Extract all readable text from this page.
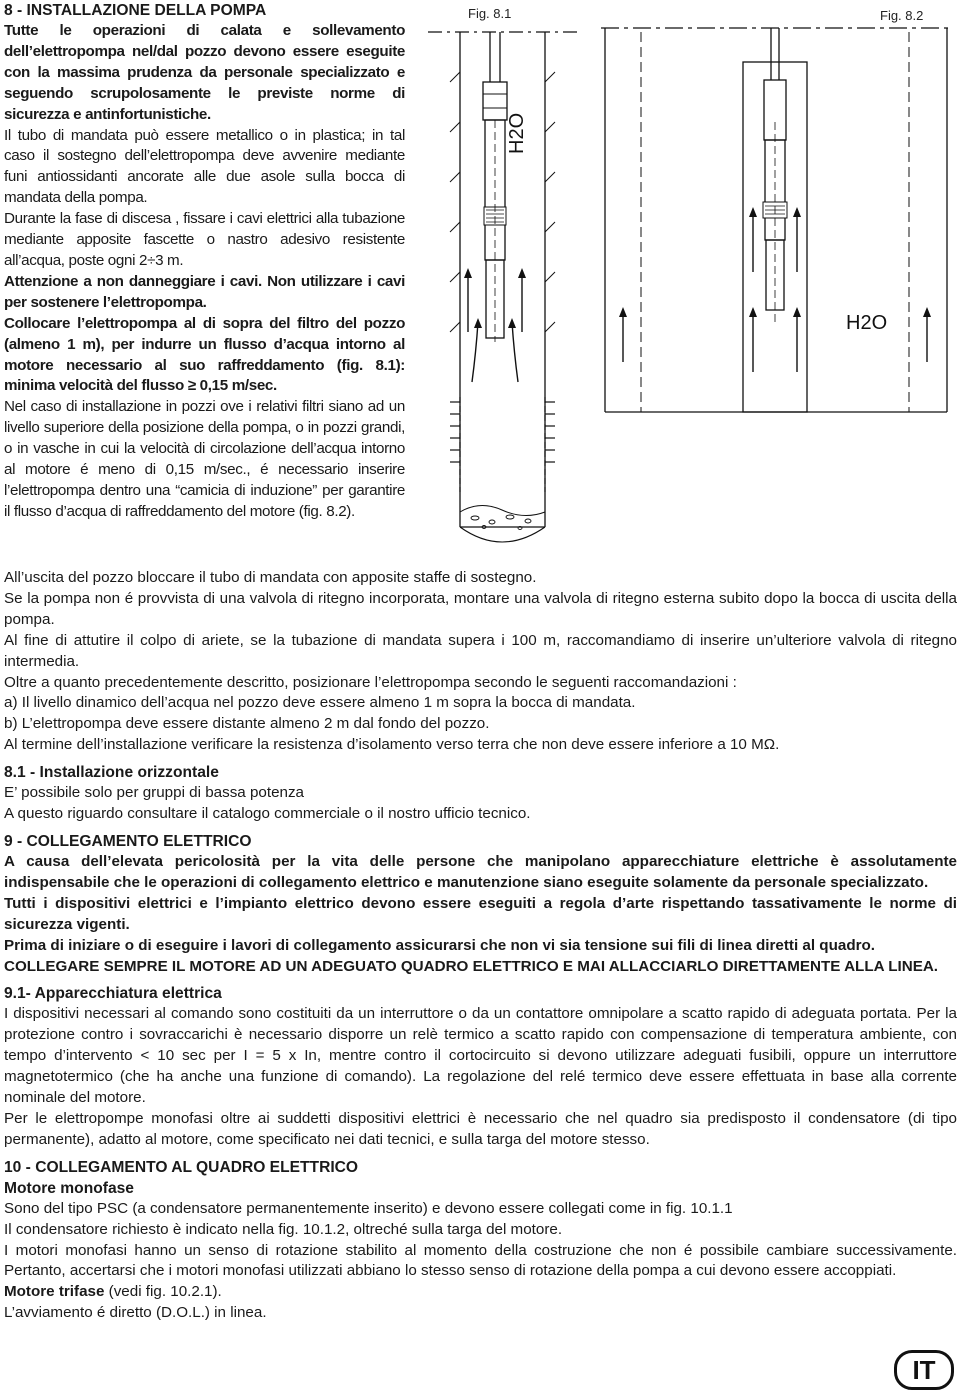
8 - INSTALLAZIONE DELLA POMPA

Tutte le operazioni di calata e sollevamento dell’elettropompa nel/dal pozzo devono essere eseguite con la massima prudenza da personale specializzato e seguendo scrupolosamente le previste norme di sicurezza e antinfortunistiche.

Il tubo di mandata può essere metallico o in plastica; in tal caso il sostegno dell’elettropompa deve avvenire mediante funi antiossidanti ancorate alle due asole sulla bocca di mandata della pompa.

Durante la fase di discesa , fissare i cavi elettrici alla tubazione mediante apposite fascette o nastro adesivo resistente all’acqua, poste ogni 2÷3 m.

Attenzione a non danneggiare i cavi. Non utilizzare i cavi per sostenere l’elettropompa.

Collocare l’elettropompa al di sopra del filtro del pozzo (almeno 1 m), per indurre un flusso d’acqua intorno al motore necessario al suo raffreddamento (fig. 8.1): minima velocità del flusso ≥ 0,15 m/sec.

Nel caso di installazione in pozzi ove i relativi filtri siano ad un livello superiore della posizione della pompa, o in pozzi grandi, o in vasche in cui la velocità di circolazione dell’acqua intorno al motore é meno di 0,15 m/sec., é necessario inserire l’elettropompa dentro una “camicia di induzione” per garantire il flusso d’acqua di raffreddamento del motore (fig. 8.2).

Fig. 8.1
H2O
Fig. 8.2
H2O

All’uscita del pozzo bloccare il tubo di mandata con apposite staffe di sostegno.

Se la pompa non é provvista di una valvola di ritegno incorporata, montare una valvola di ritegno esterna subito dopo la bocca di uscita della pompa.

Al fine di attutire il colpo di ariete, se la tubazione di mandata supera i 100 m, raccomandiamo di inserire un’ulteriore valvola di ritegno intermedia.

Oltre a quanto precedentemente descritto, posizionare l’elettropompa secondo le seguenti raccomandazioni :

a) Il livello dinamico dell’acqua nel pozzo deve essere almeno 1 m sopra la bocca di mandata.

b) L’elettropompa deve essere distante almeno 2 m dal fondo del pozzo.

Al termine dell’installazione verificare la resistenza d’isolamento verso terra che non deve essere inferiore a 10 MΩ.

8.1 - Installazione orizzontale

E’ possibile solo per gruppi di bassa potenza

A questo riguardo consultare il catalogo commerciale o il nostro ufficio tecnico.

9 - COLLEGAMENTO ELETTRICO

A causa dell’elevata pericolosità per la vita delle persone che manipolano apparecchiature elettriche è assolutamente indispensabile che le operazioni di collegamento elettrico e manutenzione siano eseguite solamente da personale specializzato.

Tutti i dispositivi elettrici e l’impianto elettrico devono essere eseguiti a regola d’arte rispettando tassativamente le norme di sicurezza vigenti.

Prima di iniziare o di eseguire i lavori di collegamento assicurarsi che non vi sia tensione sui fili di linea diretti al quadro.

COLLEGARE SEMPRE IL MOTORE AD UN ADEGUATO QUADRO ELETTRICO E MAI ALLACCIARLO DIRETTAMENTE ALLA LINEA.

9.1- Apparecchiatura elettrica

I dispositivi necessari al comando sono costituiti da un interruttore o da un contattore omnipolare a scatto rapido di adeguata portata. Per la protezione contro i sovraccarichi è necessario disporre un relè termico a scatto rapido con compensazione di temperatura ambiente, con tempo d’intervento < 10 sec per I = 5 x In, mentre contro il cortocircuito si devono utilizzare adeguati fusibili, oppure un interruttore magnetotermico (che ha anche una funzione di comando). La regolazione del relé termico deve essere effettuata in base alla corrente nominale del motore.

Per le elettropompe monofasi oltre ai suddetti dispositivi elettrici è necessario che nel quadro sia predisposto il condensatore (di tipo permanente), adatto al motore, come specificato nei dati tecnici, e sulla targa del motore stesso.

10 - COLLEGAMENTO AL QUADRO ELETTRICO

Motore monofase

Sono del tipo PSC (a condensatore permanentemente inserito) e devono essere collegati come in fig. 10.1.1

Il condensatore richiesto è indicato nella fig. 10.1.2, oltreché sulla targa del motore.

I motori monofasi hanno un senso di rotazione stabilito al momento della costruzione che non é possibile cambiare successivamente. Pertanto, accertarsi che i motori monofasi utilizzati abbiano lo stesso senso di rotazione della pompa a cui devono essere accoppiati.

Motore trifase (vedi fig. 10.2.1).

L’avviamento é diretto (D.O.L.) in linea.

IT
